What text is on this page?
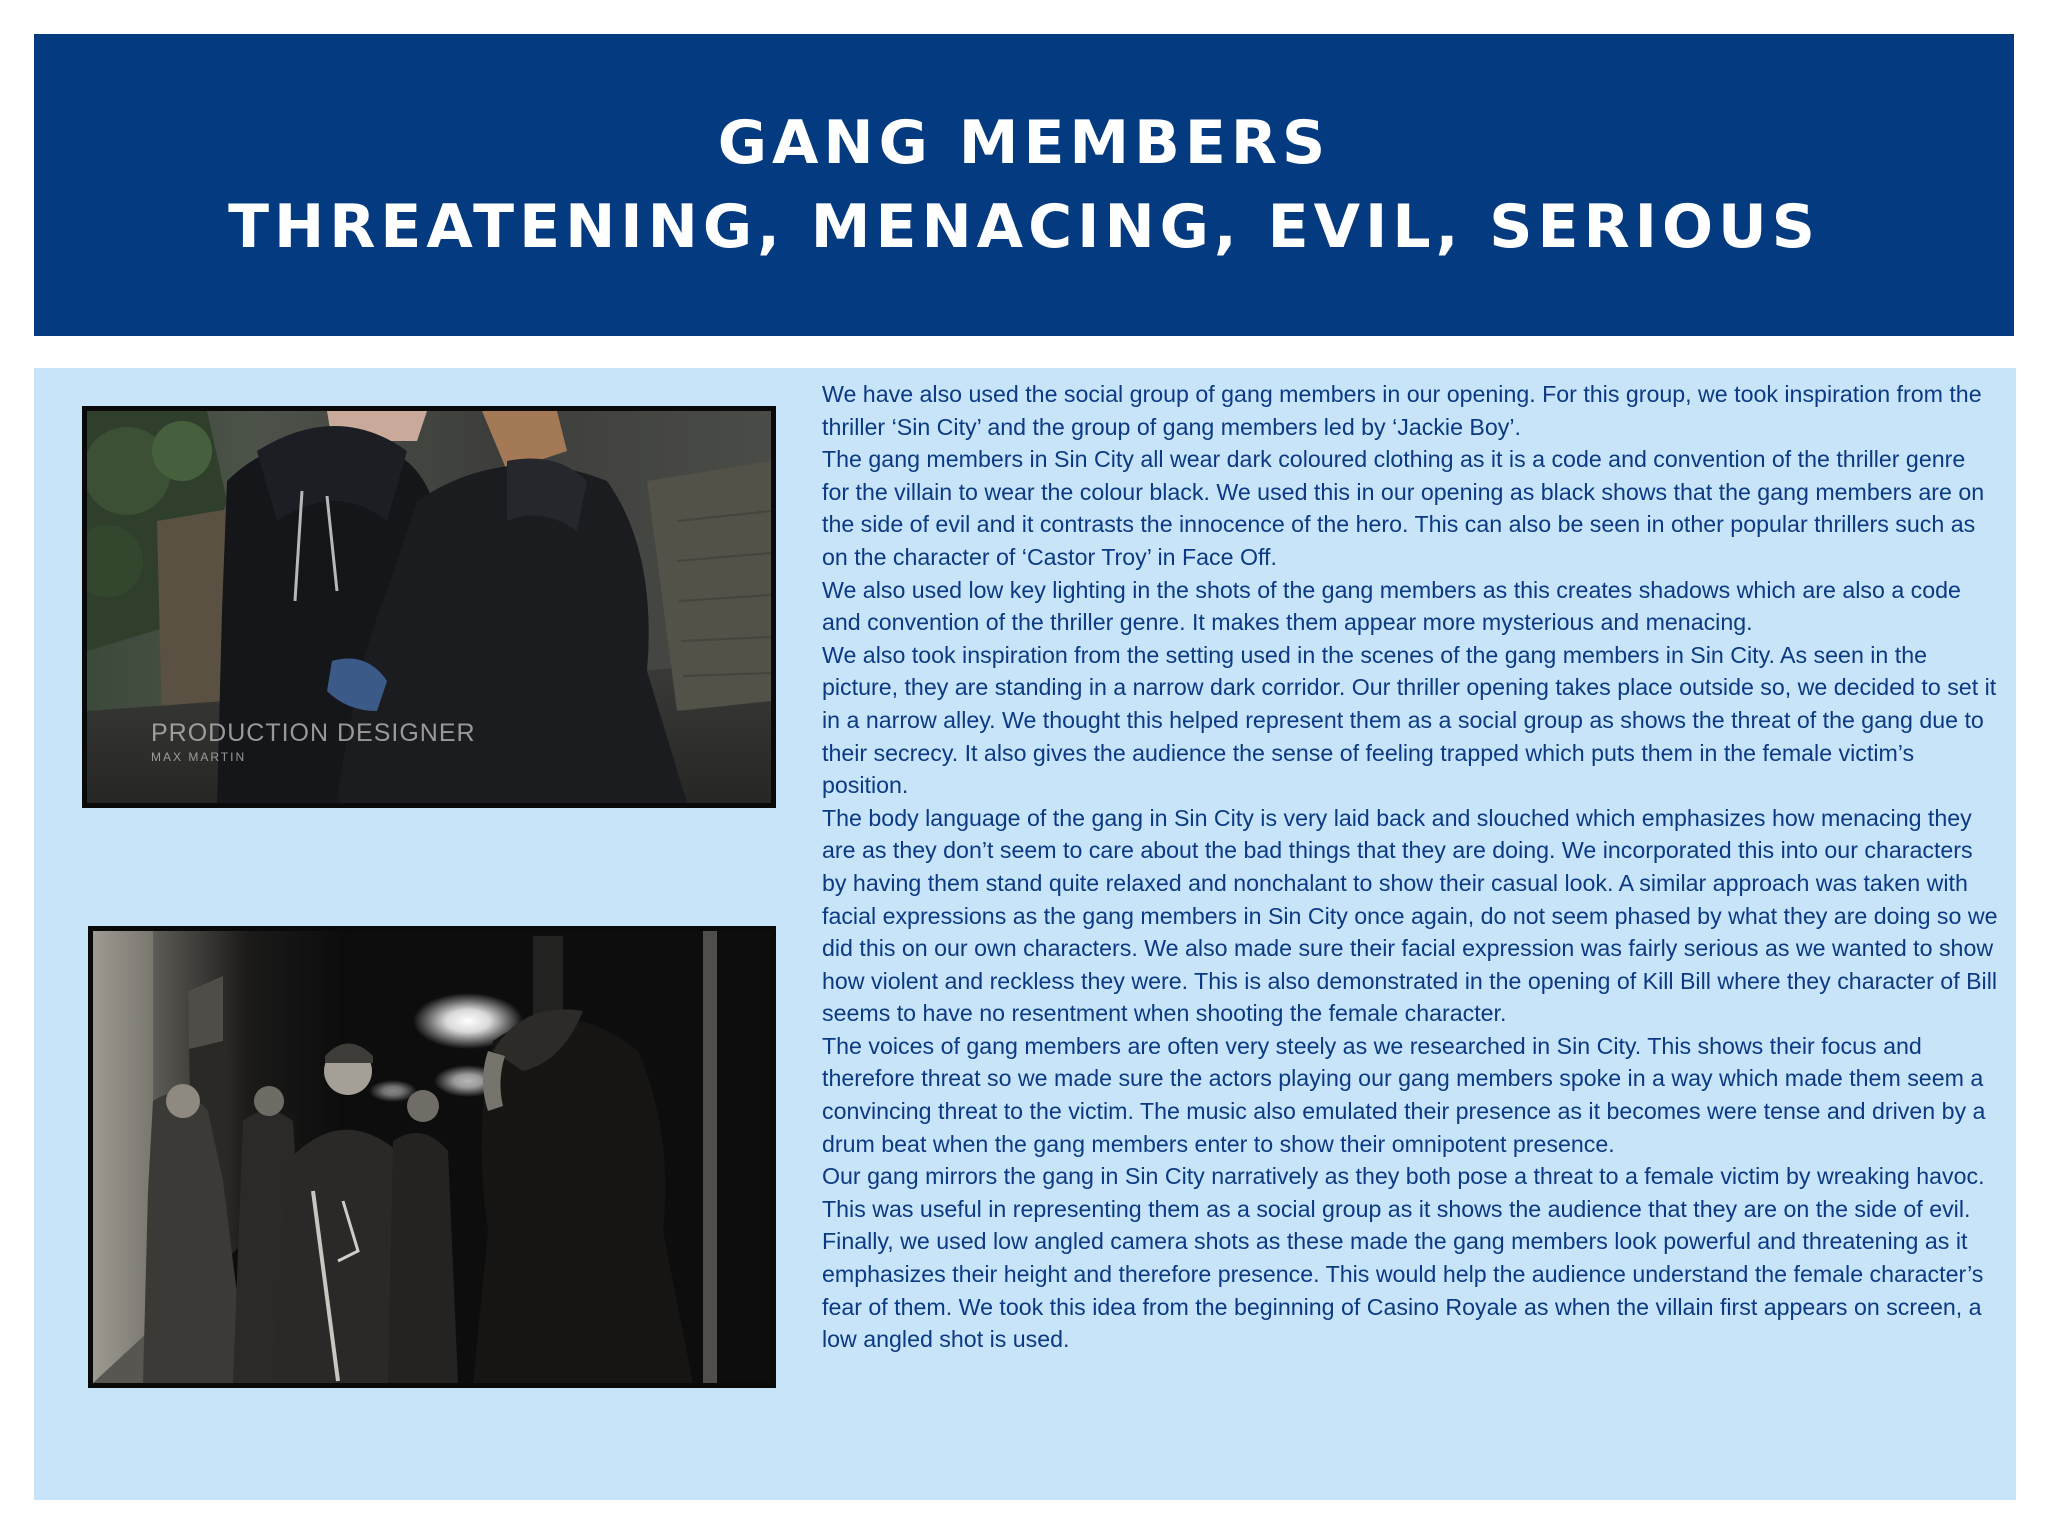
GANG MEMBERS
THREATENING, MENACING, EVIL, SERIOUS
PRODUCTION DESIGNER
MAX MARTIN

We have also used the social group of gang members in our opening. For this group, we took inspiration from the thriller ‘Sin City’ and the group of gang members led by ‘Jackie Boy’.

The gang members in Sin City all wear dark coloured clothing as it is a code and convention of the thriller genre for the villain to wear the colour black. We used this in our opening as black shows that the gang members are on the side of evil and it contrasts the innocence of the hero. This can also be seen in other popular thrillers such as on the character of ‘Castor Troy’ in Face Off.

We also used low key lighting in the shots of the gang members as this creates shadows which are also a code and convention of the thriller genre. It makes them appear more mysterious and menacing.

We also took inspiration from the setting used in the scenes of the gang members in Sin City. As seen in the picture, they are standing in a narrow dark corridor. Our thriller opening takes place outside so, we decided to set it in a narrow alley. We thought this helped represent them as a social group as shows the threat of the gang due to their secrecy. It also gives the audience the sense of feeling trapped which puts them in the female victim’s position.

The body language of the gang in Sin City is very laid back and slouched which emphasizes how menacing they are as they don’t seem to care about the bad things that they are doing. We incorporated this into our characters by having them stand quite relaxed and nonchalant to show their casual look. A similar approach was taken with facial expressions as the gang members in Sin City once again, do not seem phased by what they are doing so we did this on our own characters. We also made sure their facial expression was fairly serious as we wanted to show how violent and reckless they were. This is also demonstrated in the opening of Kill Bill where they character of Bill seems to have no resentment when shooting the female character.

The voices of gang members are often very steely as we researched in Sin City. This shows their focus and therefore threat so we made sure the actors playing our gang members spoke in a way which made them seem a convincing threat to the victim. The music also emulated their presence as it becomes were tense and driven by a drum beat when the gang members enter to show their omnipotent presence.

Our gang mirrors the gang in Sin City narratively as they both pose a threat to a female victim by wreaking havoc. This was useful in representing them as a social group as it shows the audience that they are on the side of evil.

Finally, we used low angled camera shots as these made the gang members look powerful and threatening as it emphasizes their height and therefore presence. This would help the audience understand the female character’s fear of them. We took this idea from the beginning of Casino Royale as when the villain first appears on screen, a low angled shot is used.
